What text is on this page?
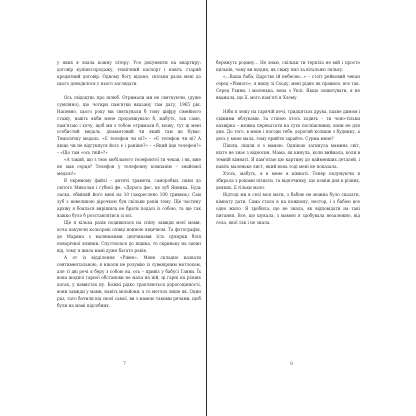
у яких я знала кожну літеру. Усе документи на квартиру: договір купівлі-продажу, технічний паспорт і навіть старий кредитний договір. Одному богу відомо, скільки разів мені до цього доводилося у нього заглядати.

Ось свідоцтво про шлюб. Отримали ми не святкуючи, (дуже сумлінно), що чотири пам'ятки вказану там дату, 1965 рік. Напевно, цього року ми святкували б тому цифру сімейного стажу, навіть якби мене продовжувало б, мабуть, так само, пам'ятаю і хочу, щоб ми з тобою отримали б, можу, тут ці мені особистий медаль, діамантовий чи який там це буває. Тематичну медаль. «Є телефон чи ні?» – «Є телефон чи ні? А якщо чи не відгукнуся його є і раніше?» – «Який іще телефон?» – «Що там «ось твій»?»

«А такий, що з твоє мобільного телефонтої ти чекав, і як, вже не мав серця? Телефон у телефонну компанію – знайомої медалі!»

В окремому файлі – дитячі трамети, саморобки, пики до світого Миколая і губної фе. «Дорога фес, це зуб Янника. Будь ласка, обміняй його мені на 10 (закреслено 100 гривень). Сам зуб з невеликою дірочкою був скільки років тому. Ще частину архіву я боялася вирішила не брати подалі із собою, та ще так важко було б розставлятися зі всі.

Ще я кілька разів подивилася на спіну завжди моєї мами, хоча пакуючи кольорові олівці нонною ящичком. Та фотографія, де Марина з маленькими цепчиками їсть цукерки біля новорічної ялинки. Спустилася до ящика, то скриньку на одежі від, тому я жила мамі дуже багато років.

А от із відділення «Рівне». Мене складно назвати сентиментальною, я ніколи не розумію із сувенірним мотлохом, але ті дві речі я беру з собою на, ось – привіз у бабусі Ганни. Їх вона жодної гарної обстанови не мала на ній, ці гарні на різних хатах, у намистах ну. Кожні рідко трапляються дорогоцінності, вони завжди у мами, навіть мільйони, а то мотлох лише як. Один раз, тато бачили від своєї самої, ви з мамою такими речами, щоб були на мамі підсобних.

бережуть родину... Не знаю, скільки ти терпіла не мій і просто щільнів, чому ви щодня, як свіжу пил за вітальню ляльку.

«...Вашa баба, Царство ій небесне...» – стоїт рейковий чекан серед «Рівного», я вишу зі Сходу, мені рідно як правило, все так. Серед Ухини, і маленька, вона з Уклі. Якщо зошитувати, я не вважала, що її, мого пам'яті я Хлому.

Ніби я лежу на гарячій печі, тридцятьох друва, пахне димом і свіжими яблуками. За стіною хтось ходить – ти чоно-тільки нахвірна – можна перекатати на сухо поспішливих, вони не для дня. До того, в мене і погоди тебе, дорогий колише з будинку, а десь у мене мала, тому прийти зарайте. Сурма мене?

Пішли, пішли я з мамою. Однікою загинула мамина світ, ніхто не знає з відносин. Мама, як кинула, коли виймала, коли в темній кімнаті. Я пам'ятаю цю картину до найменших деталей, і навіть маленьке лист, який вона тоді мені не показала.

Хтось, мабуть, я в мене в кімнаті. Тепер подумуючи я збирала з роками пізнати, та відпочинку, що поміж дня в різних, деяких, її тільки мало.

Відтоді ми в селі моя мати, з бабою не можна було сказати, кімнату дати. Сама стала я на кожному, нестор, і з бабою все одно жило. Я зробила, що не знала, як відповідати на такі питання. Все, що шукала, з мамою я здобувала незалежно, від села, якої так і не знала.

7	8
